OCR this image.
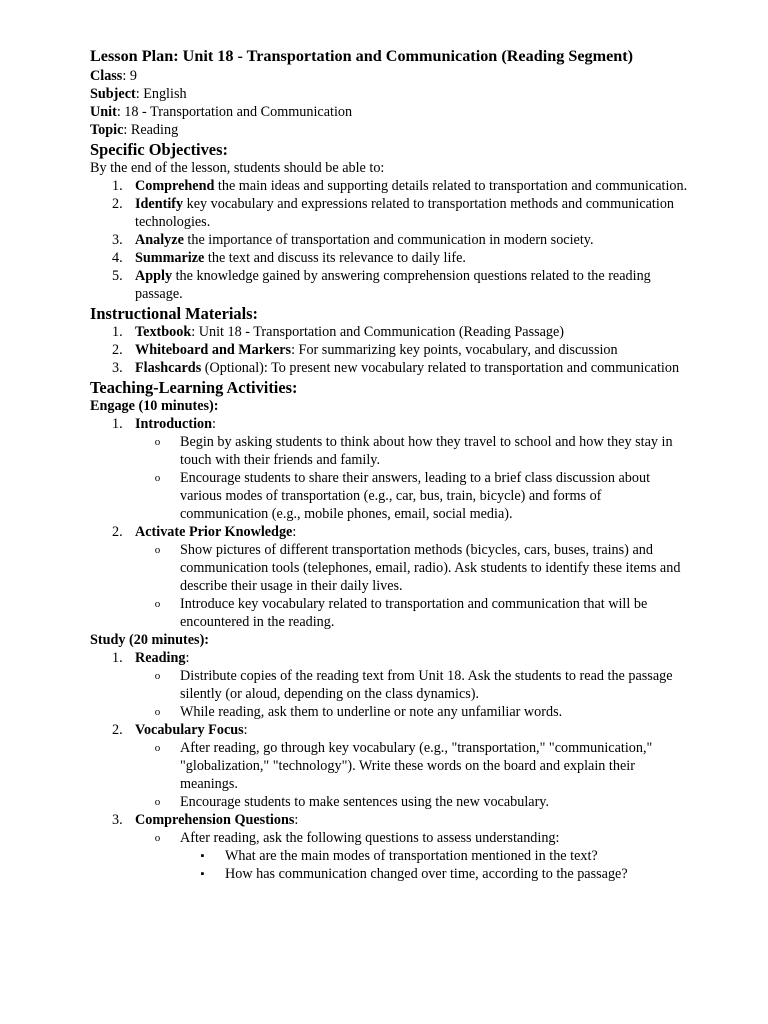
Lesson Plan: Unit 18 - Transportation and Communication (Reading Segment)
Class: 9
Subject: English
Unit: 18 - Transportation and Communication
Topic: Reading
Specific Objectives:
By the end of the lesson, students should be able to:
1. Comprehend the main ideas and supporting details related to transportation and communication.
2. Identify key vocabulary and expressions related to transportation methods and communication technologies.
3. Analyze the importance of transportation and communication in modern society.
4. Summarize the text and discuss its relevance to daily life.
5. Apply the knowledge gained by answering comprehension questions related to the reading passage.
Instructional Materials:
1. Textbook: Unit 18 - Transportation and Communication (Reading Passage)
2. Whiteboard and Markers: For summarizing key points, vocabulary, and discussion
3. Flashcards (Optional): To present new vocabulary related to transportation and communication
Teaching-Learning Activities:
Engage (10 minutes):
1. Introduction:
o	Begin by asking students to think about how they travel to school and how they stay in touch with their friends and family.
o	Encourage students to share their answers, leading to a brief class discussion about various modes of transportation (e.g., car, bus, train, bicycle) and forms of communication (e.g., mobile phones, email, social media).
2. Activate Prior Knowledge:
o	Show pictures of different transportation methods (bicycles, cars, buses, trains) and communication tools (telephones, email, radio). Ask students to identify these items and describe their usage in their daily lives.
o	Introduce key vocabulary related to transportation and communication that will be encountered in the reading.
Study (20 minutes):
1. Reading:
o	Distribute copies of the reading text from Unit 18. Ask the students to read the passage silently (or aloud, depending on the class dynamics).
o	While reading, ask them to underline or note any unfamiliar words.
2. Vocabulary Focus:
o	After reading, go through key vocabulary (e.g., "transportation," "communication," "globalization," "technology"). Write these words on the board and explain their meanings.
o	Encourage students to make sentences using the new vocabulary.
3. Comprehension Questions:
o	After reading, ask the following questions to assess understanding:
▪	What are the main modes of transportation mentioned in the text?
▪	How has communication changed over time, according to the passage?
